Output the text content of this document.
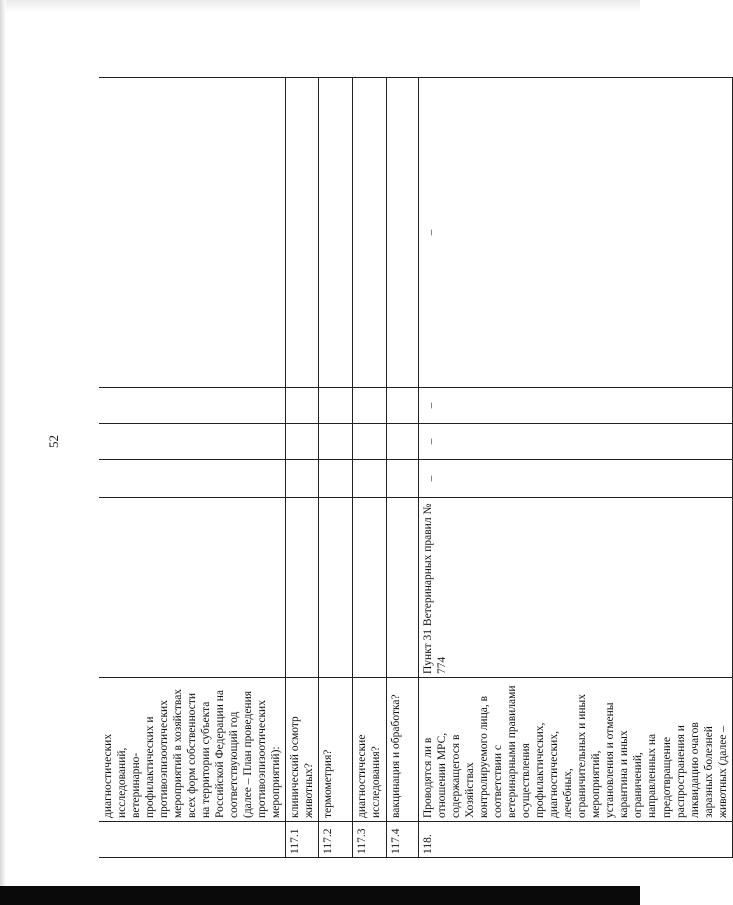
52
	диагностических исследований, ветеринарно-профилактических и противоэпизоотических мероприятий в хозяйствах всех форм собственности на территории субъекта Российской Федерации на соответствующий год (далее – План проведения противоэпизоотических мероприятий):					
117.1	клинический осмотр животных?					
117.2	термометрия?					
117.3	диагностические исследования?					
117.4	вакцинация и обработка?					
118.	Проводятся ли в отношении МРС, содержащегося в Хозяйствах контролируемого лица, в соответствии с ветеринарными правилами осуществления профилактических, диагностических, лечебных, ограничительных и иных мероприятий, установления и отмены карантина и иных ограничений, направленных на предотвращение распространения и ликвидацию очагов заразных болезней животных (далее –	Пункт 31 Ветеринарных правил № 774	–	–	–	–
